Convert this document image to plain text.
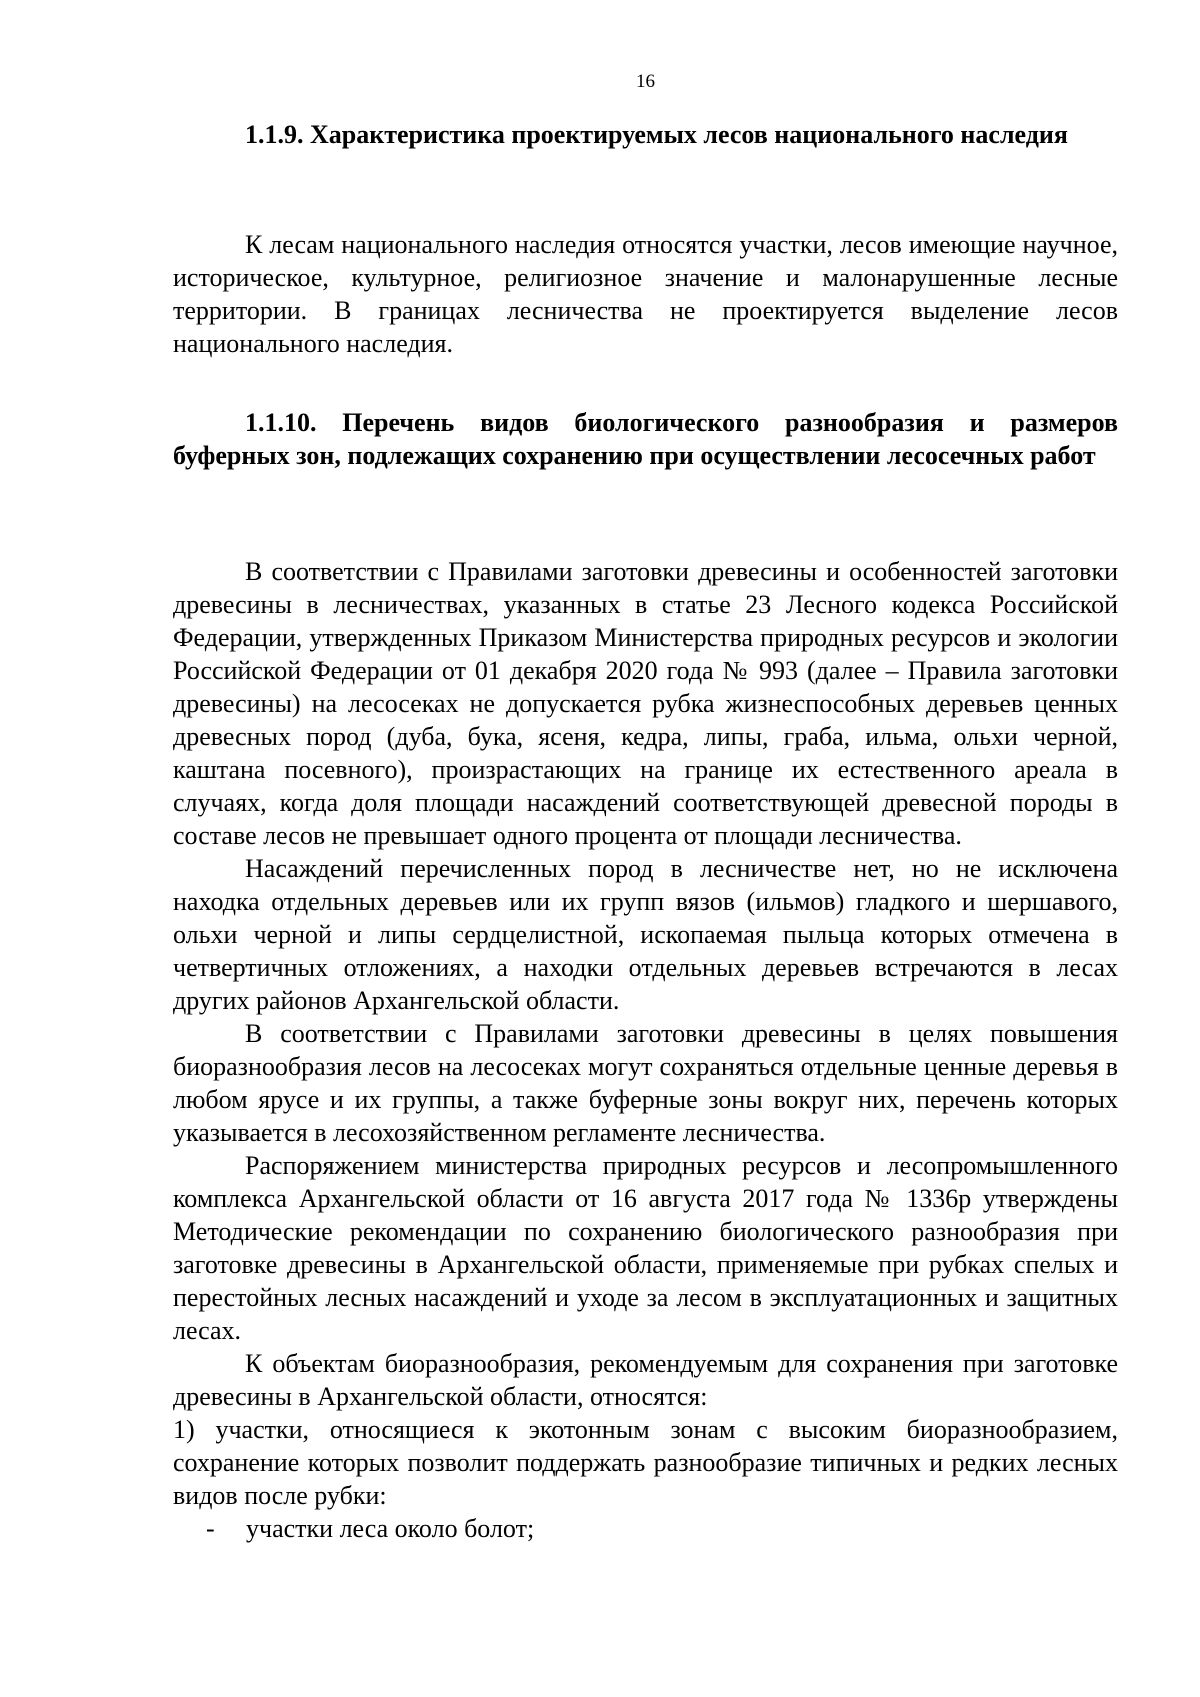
16

1.1.9. Характеристика проектируемых лесов национального наследия

К лесам национального наследия относятся участки, лесов имеющие научное, историческое, культурное, религиозное значение и малонарушенные лесные территории. В границах лесничества не проектируется выделение лесов национального наследия.

1.1.10. Перечень видов биологического разнообразия и размеров буферных зон, подлежащих сохранению при осуществлении лесосечных работ

В соответствии с Правилами заготовки древесины и особенностей заготовки древесины в лесничествах, указанных в статье 23 Лесного кодекса Российской Федерации, утвержденных Приказом Министерства природных ресурсов и экологии Российской Федерации от 01 декабря 2020 года № 993 (далее – Правила заготовки древесины) на лесосеках не допускается рубка жизнеспособных деревьев ценных древесных пород (дуба, бука, ясеня, кедра, липы, граба, ильма, ольхи черной, каштана посевного), произрастающих на границе их естественного ареала в случаях, когда доля площади насаждений соответствующей древесной породы в составе лесов не превышает одного процента от площади лесничества.

Насаждений перечисленных пород в лесничестве нет, но не исключена находка отдельных деревьев или их групп вязов (ильмов) гладкого и шершавого, ольхи черной и липы сердцелистной, ископаемая пыльца которых отмечена в четвертичных отложениях, а находки отдельных деревьев встречаются в лесах других районов Архангельской области.

В соответствии с Правилами заготовки древесины в целях повышения биоразнообразия лесов на лесосеках могут сохраняться отдельные ценные деревья в любом ярусе и их группы, а также буферные зоны вокруг них, перечень которых указывается в лесохозяйственном регламенте лесничества.

Распоряжением министерства природных ресурсов и лесопромышленного комплекса Архангельской области от 16 августа 2017 года № 1336р утверждены Методические рекомендации по сохранению биологического разнообразия при заготовке древесины в Архангельской области, применяемые при рубках спелых и перестойных лесных насаждений и уходе за лесом в эксплуатационных и защитных лесах.

К объектам биоразнообразия, рекомендуемым для сохранения при заготовке древесины в Архангельской области, относятся:

1) участки, относящиеся к экотонным зонам с высоким биоразнообразием, сохранение которых позволит поддержать разнообразие типичных и редких лесных видов после рубки:

- участки леса около болот;
